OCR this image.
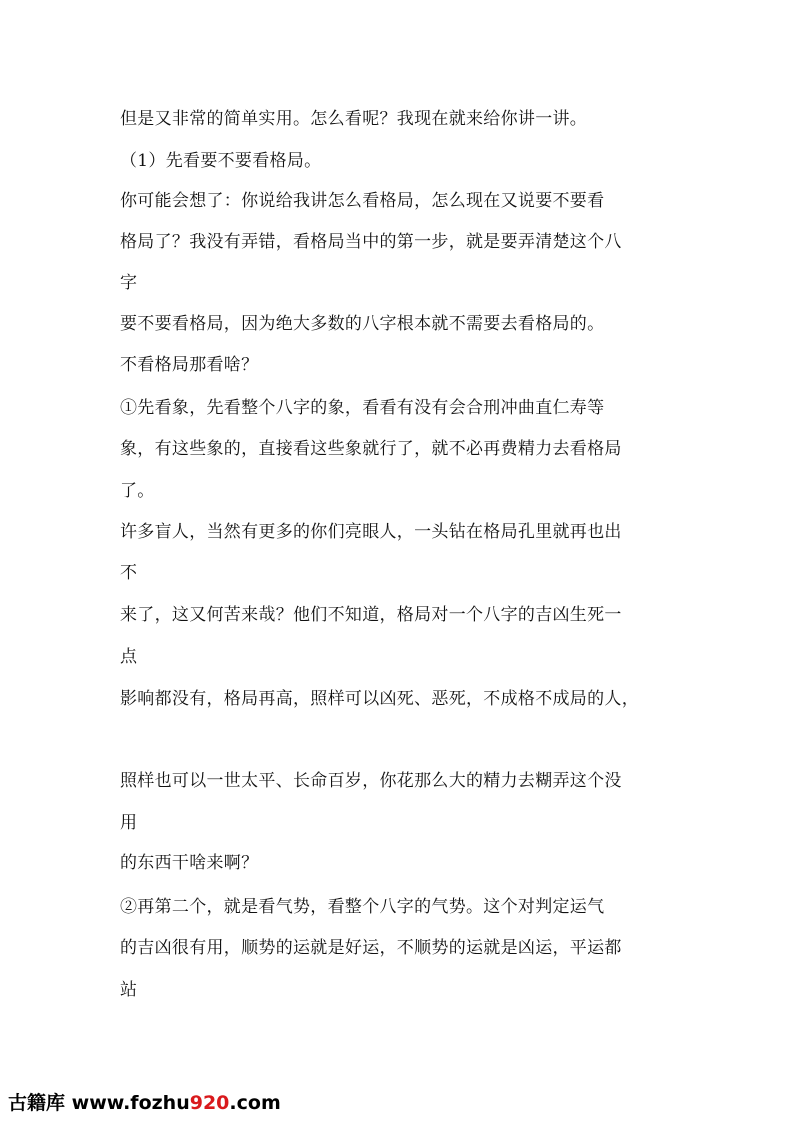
但是又非常的简单实用。怎么看呢？我现在就来给你讲一讲。
（1）先看要不要看格局。
你可能会想了：你说给我讲怎么看格局，怎么现在又说要不要看
格局了？我没有弄错，看格局当中的第一步，就是要弄清楚这个八
字
要不要看格局，因为绝大多数的八字根本就不需要去看格局的。
不看格局那看啥？
①先看象，先看整个八字的象，看看有没有会合刑冲曲直仁寿等
象，有这些象的，直接看这些象就行了，就不必再费精力去看格局
了。
许多盲人，当然有更多的你们亮眼人，一头钻在格局孔里就再也出
不
来了，这又何苦来哉？他们不知道，格局对一个八字的吉凶生死一
点
影响都没有，格局再高，照样可以凶死、恶死，不成格不成局的人，
照样也可以一世太平、长命百岁，你花那么大的精力去糊弄这个没
用
的东西干啥来啊？
②再第二个，就是看气势，看整个八字的气势。这个对判定运气
的吉凶很有用，顺势的运就是好运，不顺势的运就是凶运，平运都
站
古籍库 www.fozhu920.com
